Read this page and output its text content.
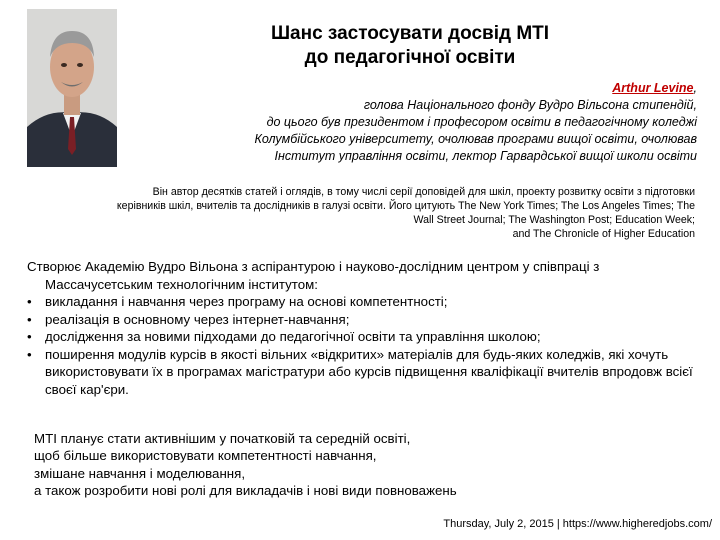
Шанс застосувати досвід MTI
до педагогічної освіти
Arthur Levine,
голова Національного фонду Вудро Вільсона стипендій,
до цього був президентом і професором освіти в педагогічному коледжі
Колумбійського університету, очолював програми вищої освіти, очолював
Інститут управління освіти, лектор Гарвардської вищої школи освіти
Він автор десятків статей і оглядів, в тому числі серії доповідей для шкіл, проекту розвитку освіти з підготовки
керівників шкіл, вчителів та дослідників в галузі освіти. Його цитують The New York Times; The Los Angeles Times; The
Wall Street Journal; The Washington Post; Education Week;
and The Chronicle of Higher Education

Створює Академію Вудро Вільона з аспірантурою і науково-дослідним центром у співпраці з Массачусетським технологічним інститутом:

• викладання і навчання через програму на основі компетентності;
• реалізація в основному через інтернет-навчання;
• дослідження за новими підходами до педагогічної освіти та управління школою;
• поширення модулів курсів в якості вільних «відкритих» матеріалів для будь-яких коледжів, які хочуть використовувати їх в програмах магістратури або курсів підвищення кваліфікації вчителів впродовж всієї своєї кар'єри.

MTI планує стати активнішим у початковій та середній освіті,

щоб більше використовувати компетентності навчання,

змішане навчання і моделювання,

а також розробити нові ролі для викладачів і нові види повноважень

Thursday, July 2, 2015 | https://www.higheredjobs.com/
